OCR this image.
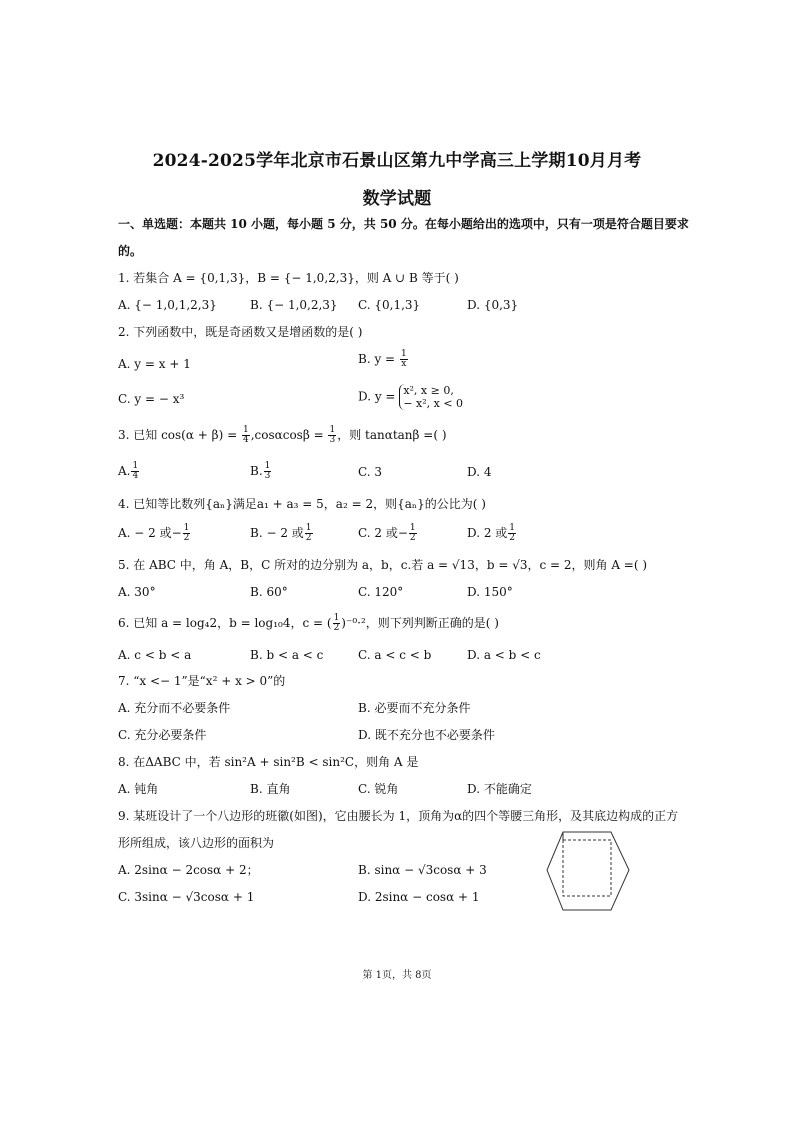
2024-2025学年北京市石景山区第九中学高三上学期10月月考
数学试题
一、单选题：本题共 10 小题，每小题 5 分，共 50 分。在每小题给出的选项中，只有一项是符合题目要求
的。
1. 若集合 A = {0,1,3}，B = {− 1,0,2,3}，则 A ∪ B 等于( )
A. {− 1,0,1,2,3}	B. {− 1,0,2,3} C. {0,1,3}	D. {0,3}
2. 下列函数中，既是奇函数又是增函数的是( )
A. y = x + 1	B. $y = \frac{1}{x}$
C. y = − x³	D. y = x², x ≥ 0,
− x², x < 0
3. 已知 $\cos(\alpha + \beta) = \frac{1}{4} ,\cos\alpha\cos\beta = \frac{1}{3}$ ，则 tanαtanβ =( )
A. $\frac{1}{4}$	B. $\frac{1}{3}$	C. 3	D. 4
4. 已知等比数列{aₙ}满足a₁ + a₃ = 5，a₂ = 2，则{aₙ}的公比为( )
A. − 2 或− $\frac{1}{2}$	B. − 2 或 $\frac{1}{2}$	C. 2 或− $\frac{1}{2}$	D. 2 或 $\frac{1}{2}$
5. 在 ABC 中，角 A，B，C 所对的边分别为 a，b，c.若 a = √13，b = √3，c = 2，则角 A =( )
A. 30°	B. 60°	C. 120°	D. 150°
6. 已知 a = log₄2，b = log₁₀4，c = ( $\frac{1}{2} )^{-0}\cdot^2$，则下列判断正确的是( )
A. c < b < a	B. b < a < c	C. a < c < b	D. a < b < c
7. “x <− 1”是“x² + x > 0”的
A. 充分而不必要条件	B. 必要而不充分条件
C. 充分必要条件	D. 既不充分也不必要条件
8. 在ΔABC 中，若 sin²A + sin²B < sin²C，则角 A 是
A. 钝角	B. 直角	C. 锐角	D. 不能确定
9. 某班设计了一个八边形的班徽(如图)，它由腰长为 1，顶角为α的四个等腰三角形，及其底边构成的正方
形所组成，该八边形的面积为
A. 2sinα − 2cosα + 2；	B. sinα − √3cosα + 3
C. 3sinα − √3cosα + 1	D. 2sinα − cosα + 1
第 1页，共 8页
